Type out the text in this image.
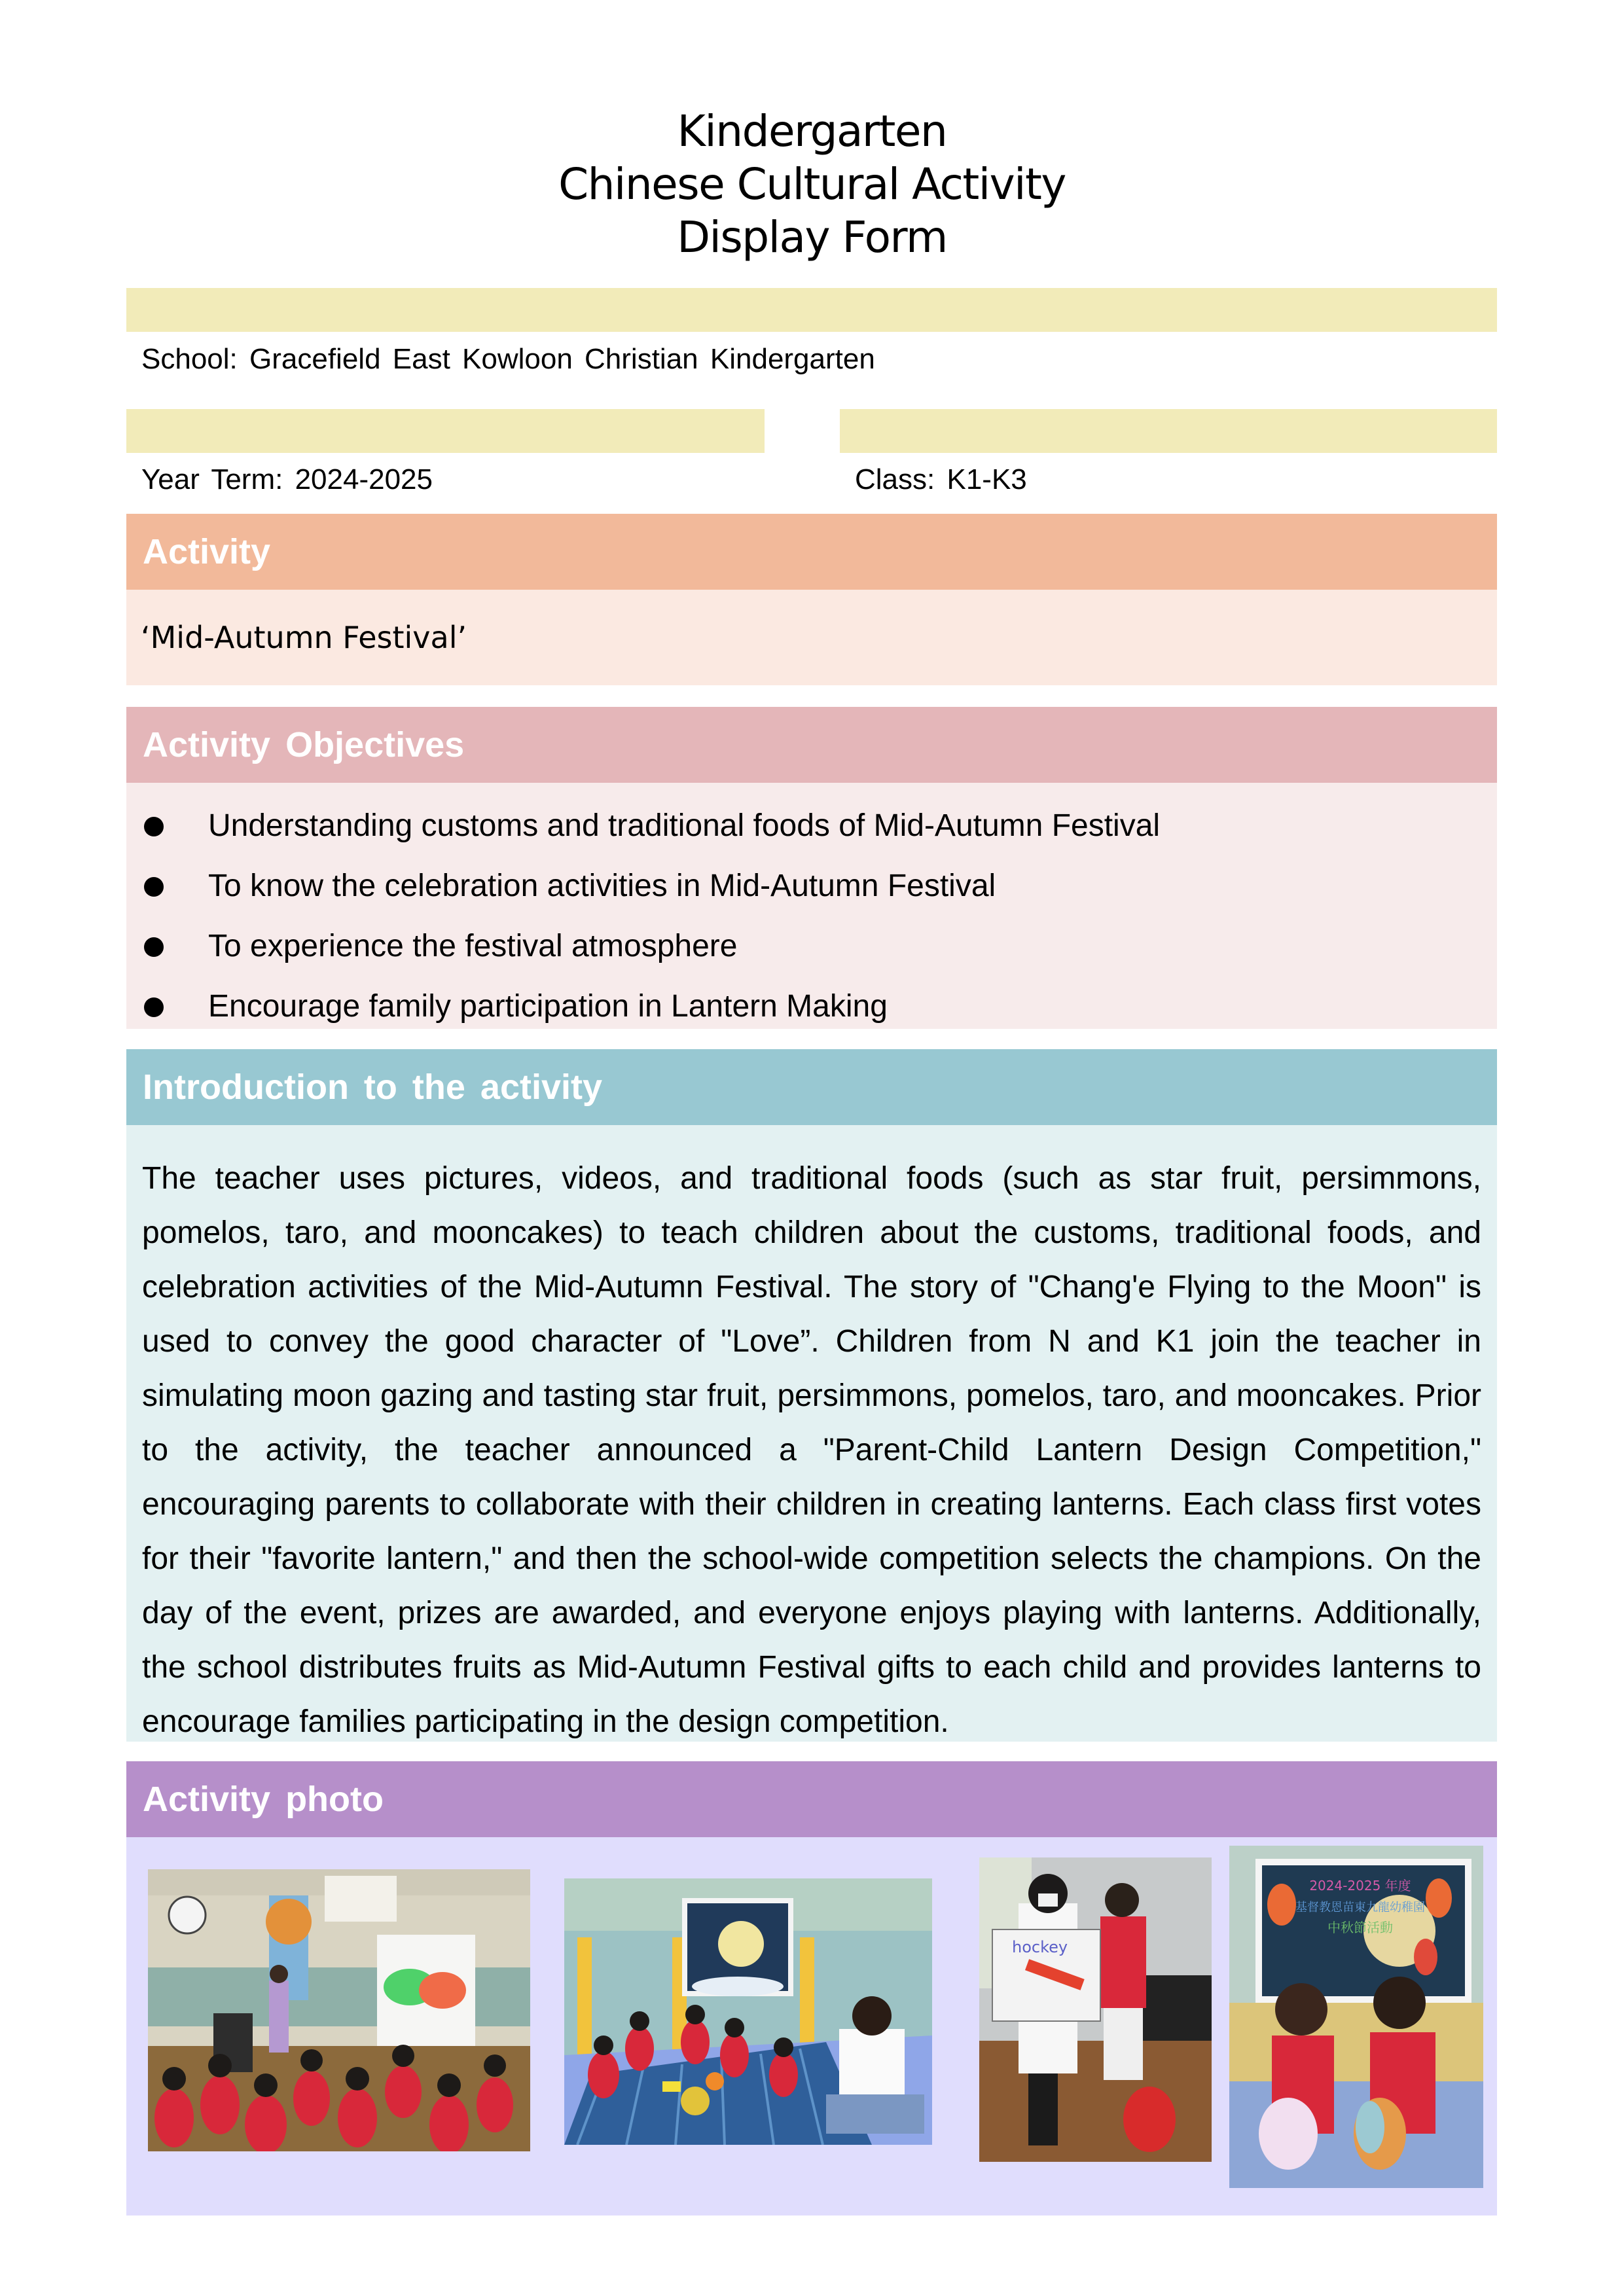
Kindergarten
Chinese Cultural Activity
Display Form
School: Gracefield East Kowloon Christian Kindergarten
Year Term: 2024-2025	Class: K1-K3
Activity
‘Mid-Autumn Festival’
Activity Objectives
Understanding customs and traditional foods of Mid-Autumn Festival
To know the celebration activities in Mid-Autumn Festival
To experience the festival atmosphere
Encourage family participation in Lantern Making
Introduction to the activity

The teacher uses pictures, videos, and traditional foods (such as star fruit, persimmons, pomelos, taro, and mooncakes) to teach children about the customs, traditional foods, and celebration activities of the Mid-Autumn Festival. The story of "Chang'e Flying to the Moon" is used to convey the good character of "Love”. Children from N and K1 join the teacher in simulating moon gazing and tasting star fruit, persimmons, pomelos, taro, and mooncakes. Prior to the activity, the teacher announced a "Parent-Child Lantern Design Competition," encouraging parents to collaborate with their children in creating lanterns. Each class first votes for their "favorite lantern," and then the school-wide competition selects the champions. On the day of the event, prizes are awarded, and everyone enjoys playing with lanterns. Additionally, the school distributes fruits as Mid-Autumn Festival gifts to each child and provides lanterns to encourage families participating in the design competition.

Activity photo
hockey
2024-2025 年度
基督教恩苗東九龍幼稚園
中秋節活動
